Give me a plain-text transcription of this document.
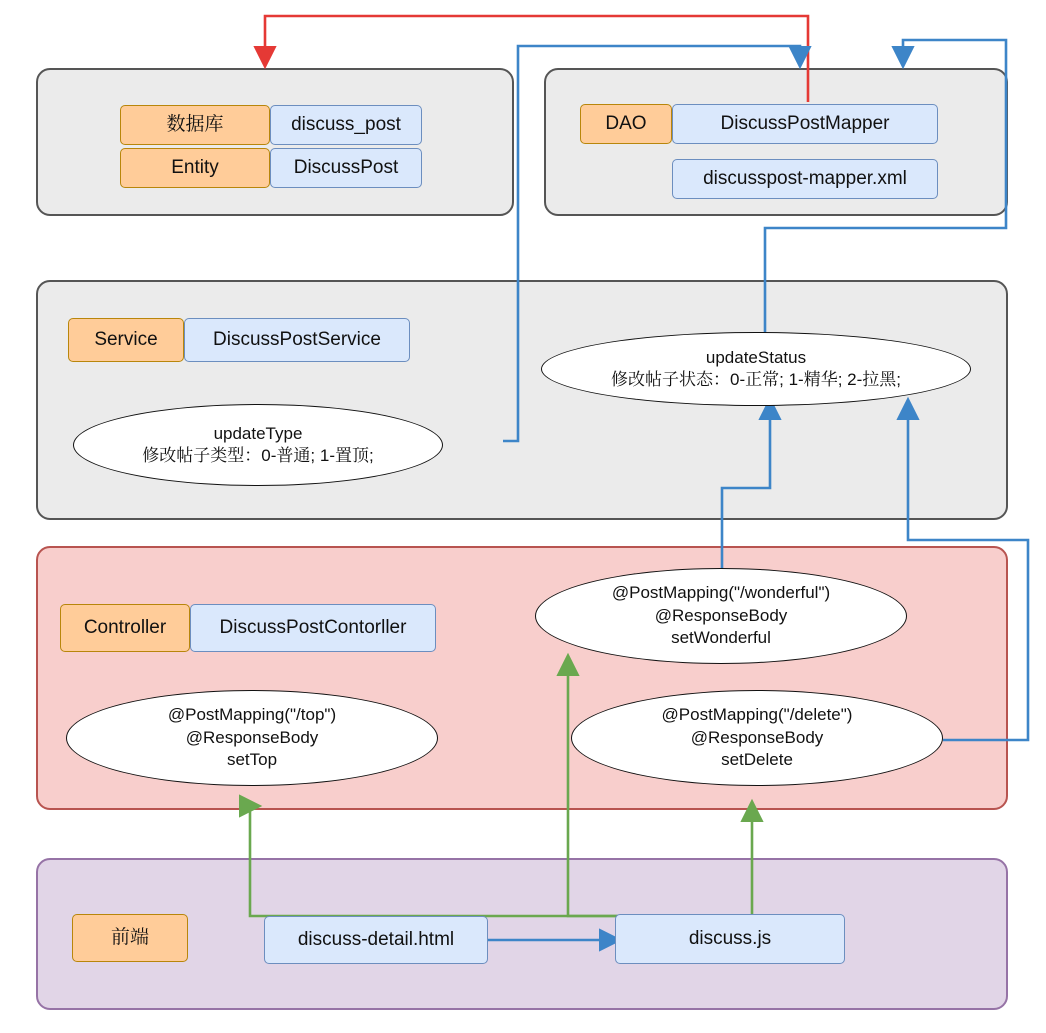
数据库	discuss_post
Entity	DiscussPost
DAO	DiscussPostMapper
discusspost-mapper.xml
Service	DiscussPostService
updateType
修改帖子类型：0-普通; 1-置顶;
updateStatus
修改帖子状态：0-正常; 1-精华; 2-拉黑;
Controller	DiscussPostContorller
@PostMapping("/wonderful")
@ResponseBody
setWonderful
@PostMapping("/top")
@ResponseBody
setTop
@PostMapping("/delete")
@ResponseBody
setDelete
前端	discuss-detail.html	discuss.js
